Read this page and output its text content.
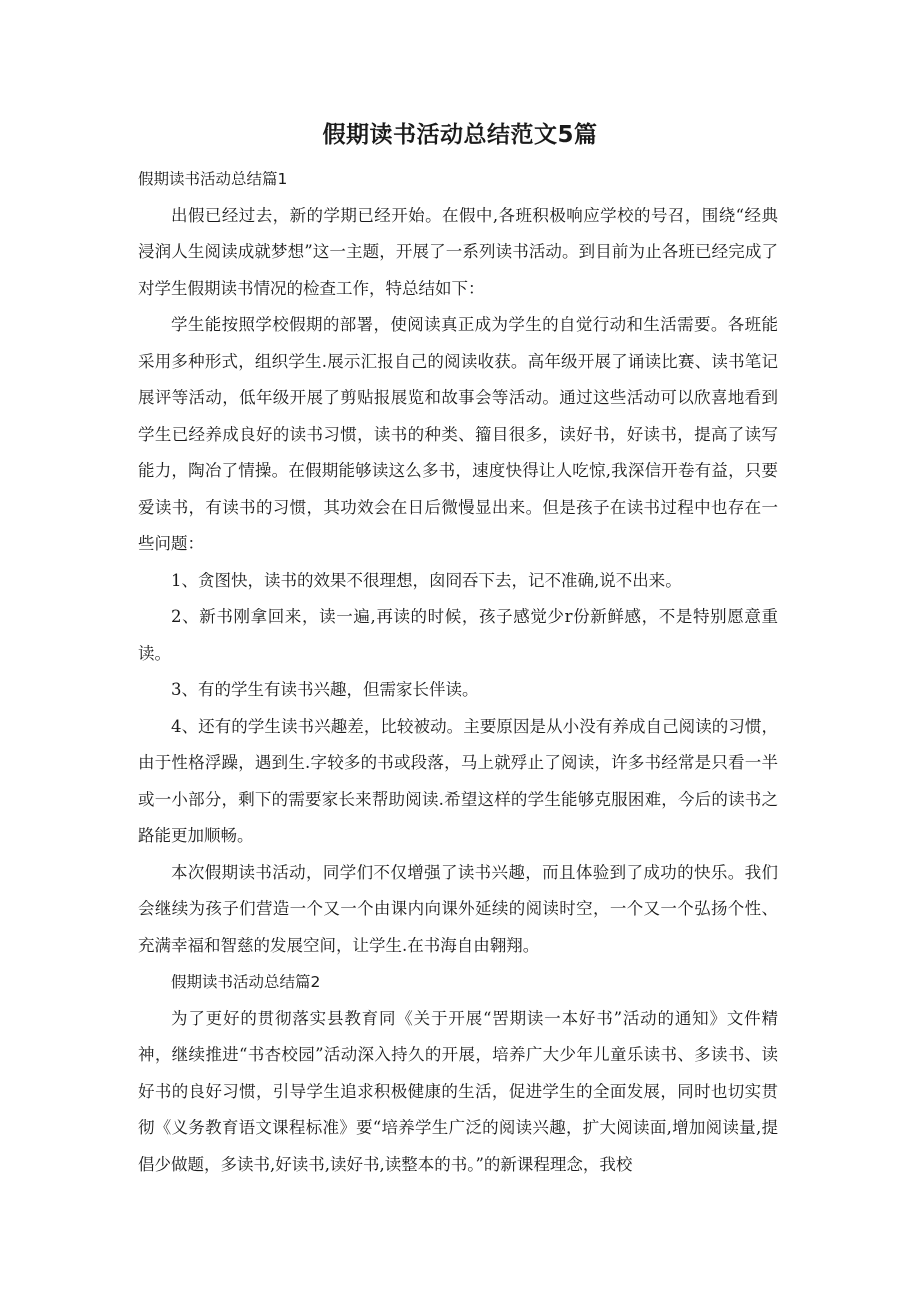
假期读书活动总结范文5篇

假期读书活动总结篇1

出假已经过去，新的学期已经开始。在假中,各班积极响应学校的号召，围绕“经典浸润人生阅读成就梦想”这一主题，开展了一系列读书活动。到目前为止各班已经完成了对学生假期读书情况的检查工作，特总结如下：

学生能按照学校假期的部署，使阅读真正成为学生的自觉行动和生活需要。各班能采用多种形式，组织学生.展示汇报自己的阅读收获。高年级开展了诵读比赛、读书笔记展评等活动，低年级开展了剪贴报展览和故事会等活动。通过这些活动可以欣喜地看到学生已经养成良好的读书习惯，读书的种类、籀目很多，读好书，好读书，提高了读写能力，陶冶了情操。在假期能够读这么多书，速度快得让人吃惊,我深信开卷有益，只要爱读书，有读书的习惯，其功效会在日后微慢显出来。但是孩子在读书过程中也存在一些问题：

1、贪图快，读书的效果不很理想，囱冏吞下去，记不准确,说不出来。

2、新书刚拿回来，读一遍,再读的时候，孩子感觉少r份新鲜感，不是特别愿意重读。

3、有的学生有读书兴趣，但需家长伴读。

4、还有的学生读书兴趣差，比较被动。主要原因是从小没有养成自己阅读的习惯，由于性格浮躁，遇到生.字较多的书或段落，马上就殍止了阅读，许多书经常是只看一半或一小部分，剩下的需要家长来帮助阅读.希望这样的学生能够克服困难，今后的读书之路能更加顺畅。

本次假期读书活动，同学们不仅增强了读书兴趣，而且体验到了成功的快乐。我们会继续为孩子们营造一个又一个由课内向课外延续的阅读时空，一个又一个弘扬个性、充满幸福和智慈的发展空间，让学生.在书海自由翱翔。

假期读书活动总结篇2

为了更好的贯彻落实县教育同《关于开展“罟期读一本好书”活动的通知》文件精神，继续推进“书杏校园”活动深入持久的开展，培养广大少年儿童乐读书、多读书、读好书的良好习惯，引导学生追求积极健康的生活，促进学生的全面发展，同时也切实贯彻《义务教育语文课程标准》要“培养学生广泛的阅读兴趣，扩大阅读面,增加阅读量,提倡少做题，多读书,好读书,读好书,读整本的书。”的新课程理念，我校
